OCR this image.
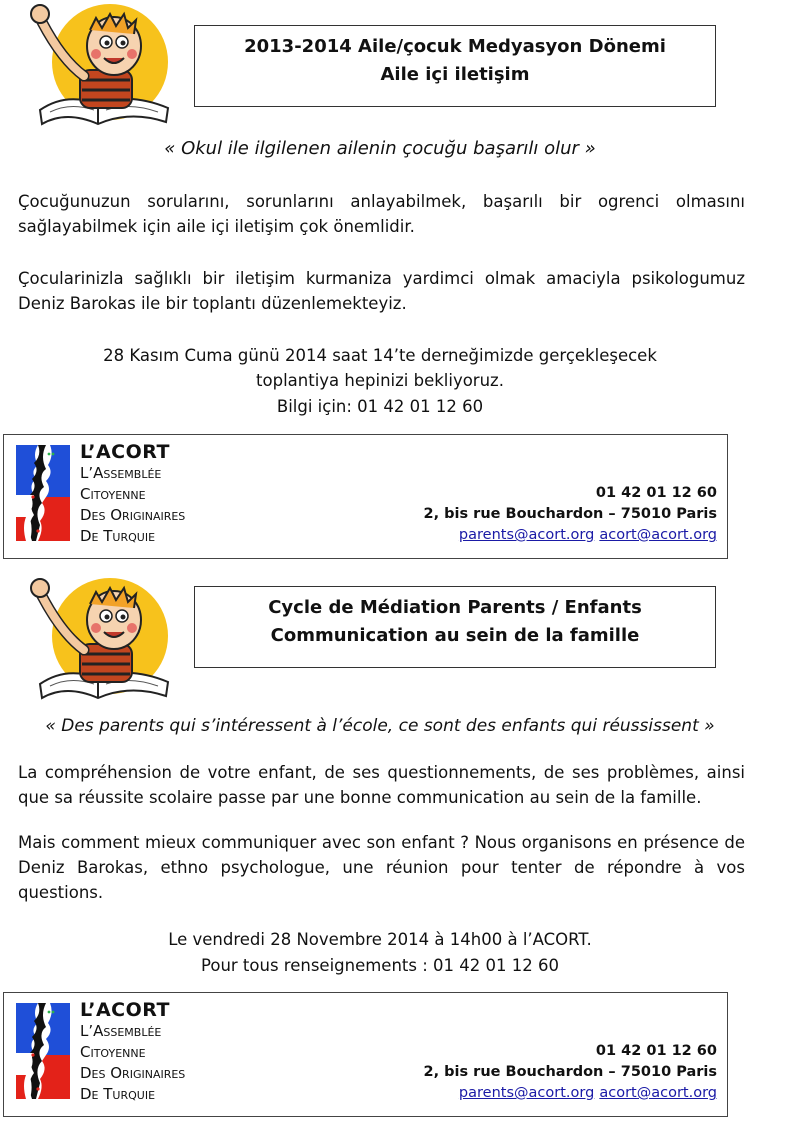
2013-2014 Aile/çocuk Medyasyon Dönemi
Aile içi iletişim
« Okul ile ilgilenen ailenin çocuğu başarılı olur »

Çocuğunuzun sorularını, sorunlarını anlayabilmek, başarılı bir ogrenci olmasını sağlayabilmek için aile içi iletişim çok önemlidir.

Çocularinizla sağlıklı bir iletişim kurmaniza yardimci olmak amaciyla psikologumuz Deniz Barokas ile bir toplantı düzenlemekteyiz.

28 Kasım Cuma günü 2014 saat 14’te derneğimizde gerçekleşecek

toplantiya hepinizi bekliyoruz.

Bilgi için: 01 42 01 12 60

L’ACORT
L’Assemblée
Citoyenne
Des Originaires
De Turquie
01 42 01 12 60
2, bis rue Bouchardon – 75010 Paris
parents@acort.org acort@acort.org
Cycle de Médiation Parents / Enfants
Communication au sein de la famille
« Des parents qui s’intéressent à l’école, ce sont des enfants qui réussissent »

La compréhension de votre enfant, de ses questionnements, de ses problèmes, ainsi que sa réussite scolaire passe par une bonne communication au sein de la famille.

Mais comment mieux communiquer avec son enfant ? Nous organisons en présence de Deniz Barokas, ethno psychologue, une réunion pour tenter de répondre à vos questions.

Le vendredi 28 Novembre 2014 à 14h00 à l’ACORT.

Pour tous renseignements : 01 42 01 12 60

L’ACORT
L’Assemblée
Citoyenne
Des Originaires
De Turquie
01 42 01 12 60
2, bis rue Bouchardon – 75010 Paris
parents@acort.org acort@acort.org
